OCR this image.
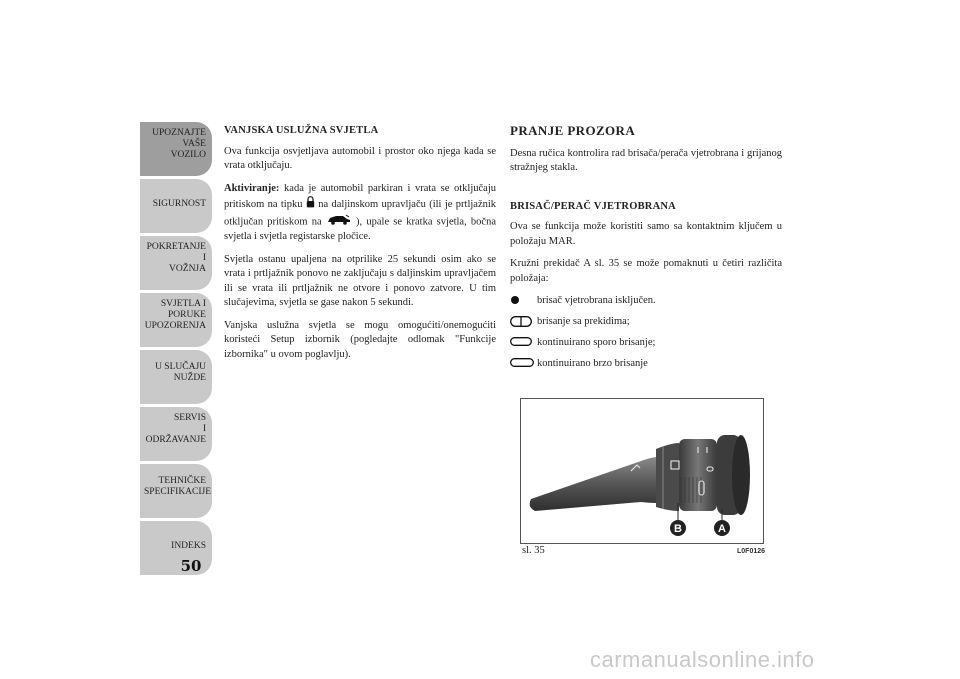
UPOZNAJTE
VAŠE
VOZILO
SIGURNOST
POKRETANJE
I
VOŽNJA
SVJETLA I
PORUKE
UPOZORENJA
U SLUČAJU
NUŽDE
SERVIS
I
ODRŽAVANJE
TEHNIČKE
SPECIFIKACIJE
INDEKS
50
VANJSKA USLUŽNA SVJETLA

Ova funkcija osvjetljava automobil i prostor oko njega kada se vrata otključaju.

Aktiviranje: kada je automobil parkiran i vrata se otključaju pritiskom na tipku na daljinskom upravljaču (ili je prtljažnik otključan pritiskom na	), upale se kratka svjetla, bočna svjetla i svjetla registarske pločice.

Svjetla ostanu upaljena na otprilike 25 sekundi osim ako se vrata i prtljažnik ponovo ne zaključaju s daljinskim upravljačem ili se vrata ili prtljažnik ne otvore i ponovo zatvore. U tim slučajevima, svjetla se gase nakon 5 sekundi.

Vanjska uslužna svjetla se mogu omogućiti/onemogućiti koristeći Setup izbornik (pogledajte odlomak "Funkcije izbornika" u ovom poglavlju).

PRANJE PROZORA

Desna ručica kontrolira rad brisača/perača vjetrobrana i grijanog stražnjeg stakla.

BRISAČ/PERAČ VJETROBRANA

Ova se funkcija može koristiti samo sa kontaktnim ključem u položaju MAR.

Kružni prekidač A sl. 35 se može pomaknuti u četiri različita položaja:

brisač vjetrobrana isključen.
brisanje sa prekidima;
kontinuirano sporo brisanje;
kontinuirano brzo brisanje
B	A
sl. 35	L0F0126
carmanualsonline.info
